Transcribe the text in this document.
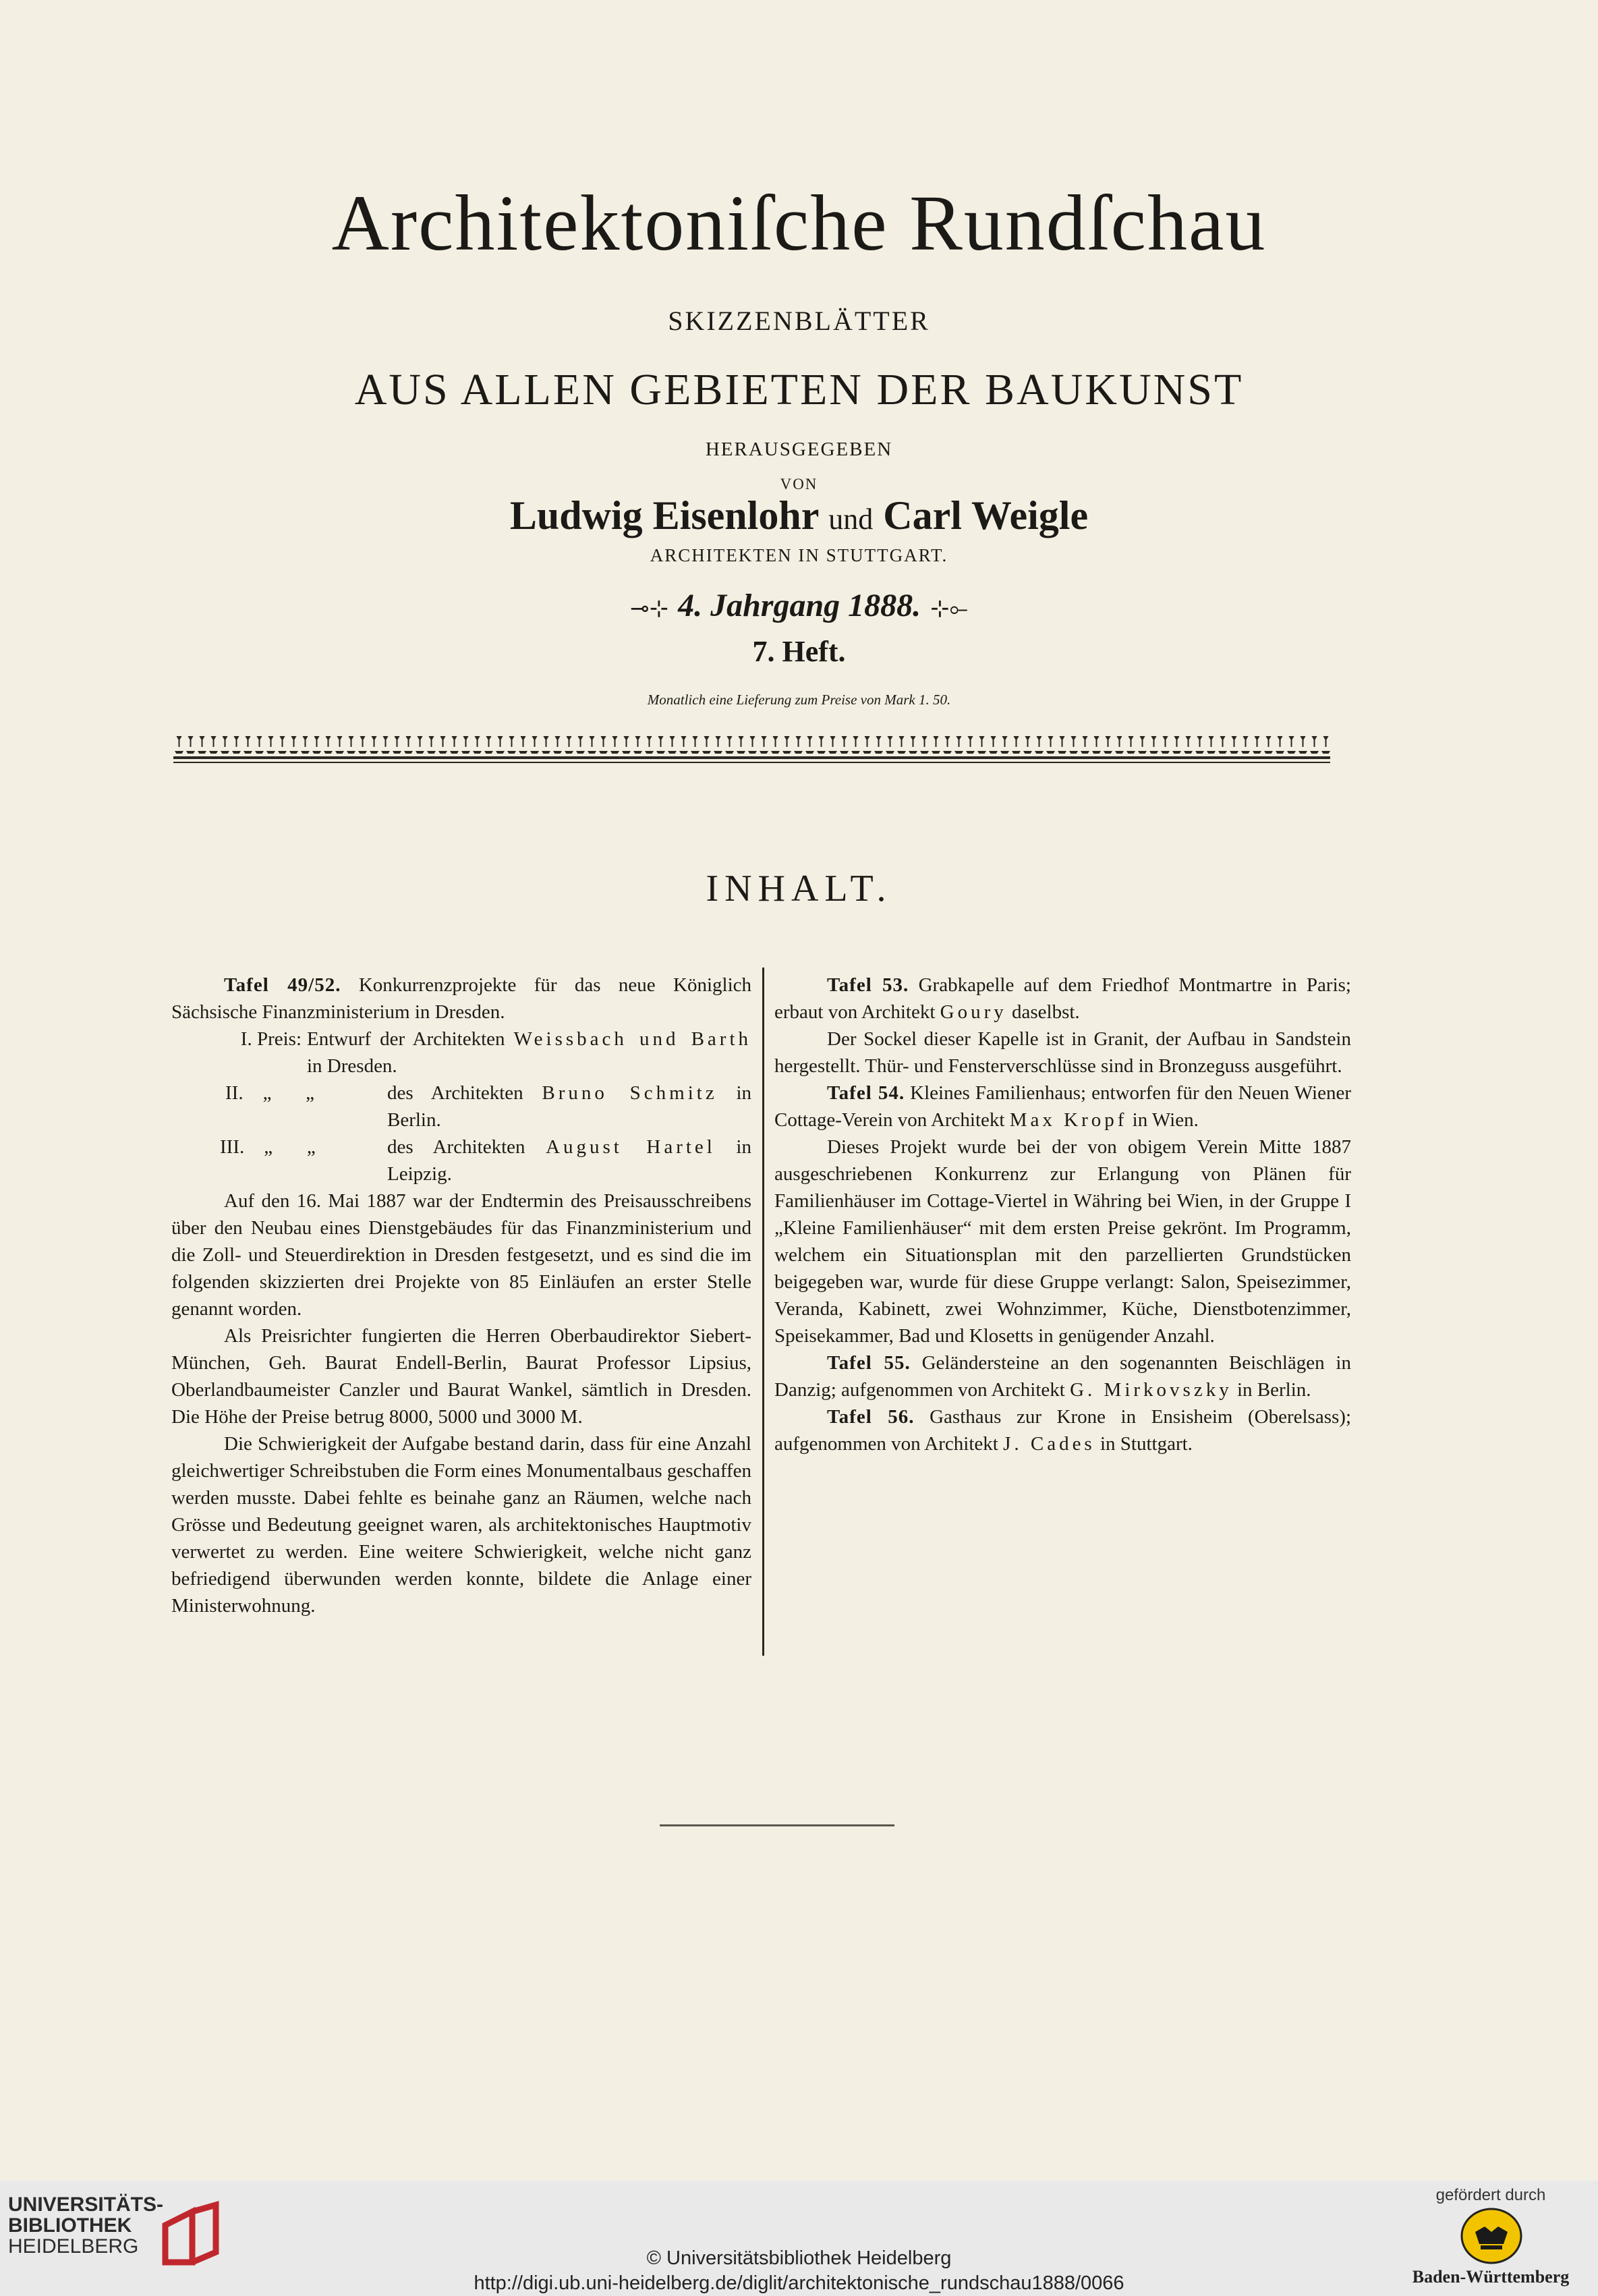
Architektoniſche Rundſchau
SKIZZENBLÄTTER
AUS ALLEN GEBIETEN DER BAUKUNST
HERAUSGEGEBEN
VON
Ludwig Eisenlohr und Carl Weigle
ARCHITEKTEN IN STUTTGART.
⊸⊹ 4. Jahrgang 1888. ⊹⟜
7. Heft.
Monatlich eine Lieferung zum Preise von Mark 1. 50.
INHALT.

Tafel 49/52. Konkurrenzprojekte für das neue Königlich Sächsische Finanzministerium in Dresden.

I. Preis: Entwurf der Architekten Weissbach und Barth in Dresden.
II.    „       „	des Architekten Bruno Schmitz in Berlin.
III.    „       „	des Architekten August Hartel in Leipzig.

Auf den 16. Mai 1887 war der Endtermin des Preisausschreibens über den Neubau eines Dienstgebäudes für das Finanzministerium und die Zoll- und Steuerdirektion in Dresden festgesetzt, und es sind die im folgenden skizzierten drei Projekte von 85 Einläufen an erster Stelle genannt worden.

Als Preisrichter fungierten die Herren Oberbaudirektor Siebert-München, Geh. Baurat Endell-Berlin, Baurat Professor Lipsius, Oberlandbaumeister Canzler und Baurat Wankel, sämtlich in Dresden. Die Höhe der Preise betrug 8000, 5000 und 3000 M.

Die Schwierigkeit der Aufgabe bestand darin, dass für eine Anzahl gleichwertiger Schreibstuben die Form eines Monumentalbaus geschaffen werden musste. Dabei fehlte es beinahe ganz an Räumen, welche nach Grösse und Bedeutung geeignet waren, als architektonisches Hauptmotiv verwertet zu werden. Eine weitere Schwierigkeit, welche nicht ganz befriedigend überwunden werden konnte, bildete die Anlage einer Ministerwohnung.

Tafel 53. Grabkapelle auf dem Friedhof Montmartre in Paris; erbaut von Architekt Goury daselbst.

Der Sockel dieser Kapelle ist in Granit, der Aufbau in Sandstein hergestellt. Thür- und Fensterverschlüsse sind in Bronzeguss ausgeführt.

Tafel 54. Kleines Familienhaus; entworfen für den Neuen Wiener Cottage-Verein von Architekt Max Kropf in Wien.

Dieses Projekt wurde bei der von obigem Verein Mitte 1887 ausgeschriebenen Konkurrenz zur Erlangung von Plänen für Familienhäuser im Cottage-Viertel in Währing bei Wien, in der Gruppe I „Kleine Familienhäuser“ mit dem ersten Preise gekrönt. Im Programm, welchem ein Situationsplan mit den parzellierten Grundstücken beigegeben war, wurde für diese Gruppe verlangt: Salon, Speisezimmer, Veranda, Kabinett, zwei Wohnzimmer, Küche, Dienstbotenzimmer, Speisekammer, Bad und Klosetts in genügender Anzahl.

Tafel 55. Geländersteine an den sogenannten Beischlägen in Danzig; aufgenommen von Architekt G. Mirkovszky in Berlin.

Tafel 56. Gasthaus zur Krone in Ensisheim (Oberelsass); aufgenommen von Architekt J. Cades in Stuttgart.

UNIVERSITÄTS-
BIBLIOTHEK
HEIDELBERG
© Universitätsbibliothek Heidelberg
http://digi.ub.uni-heidelberg.de/diglit/architektonische_rundschau1888/0066
gefördert durch
Baden-Württemberg
